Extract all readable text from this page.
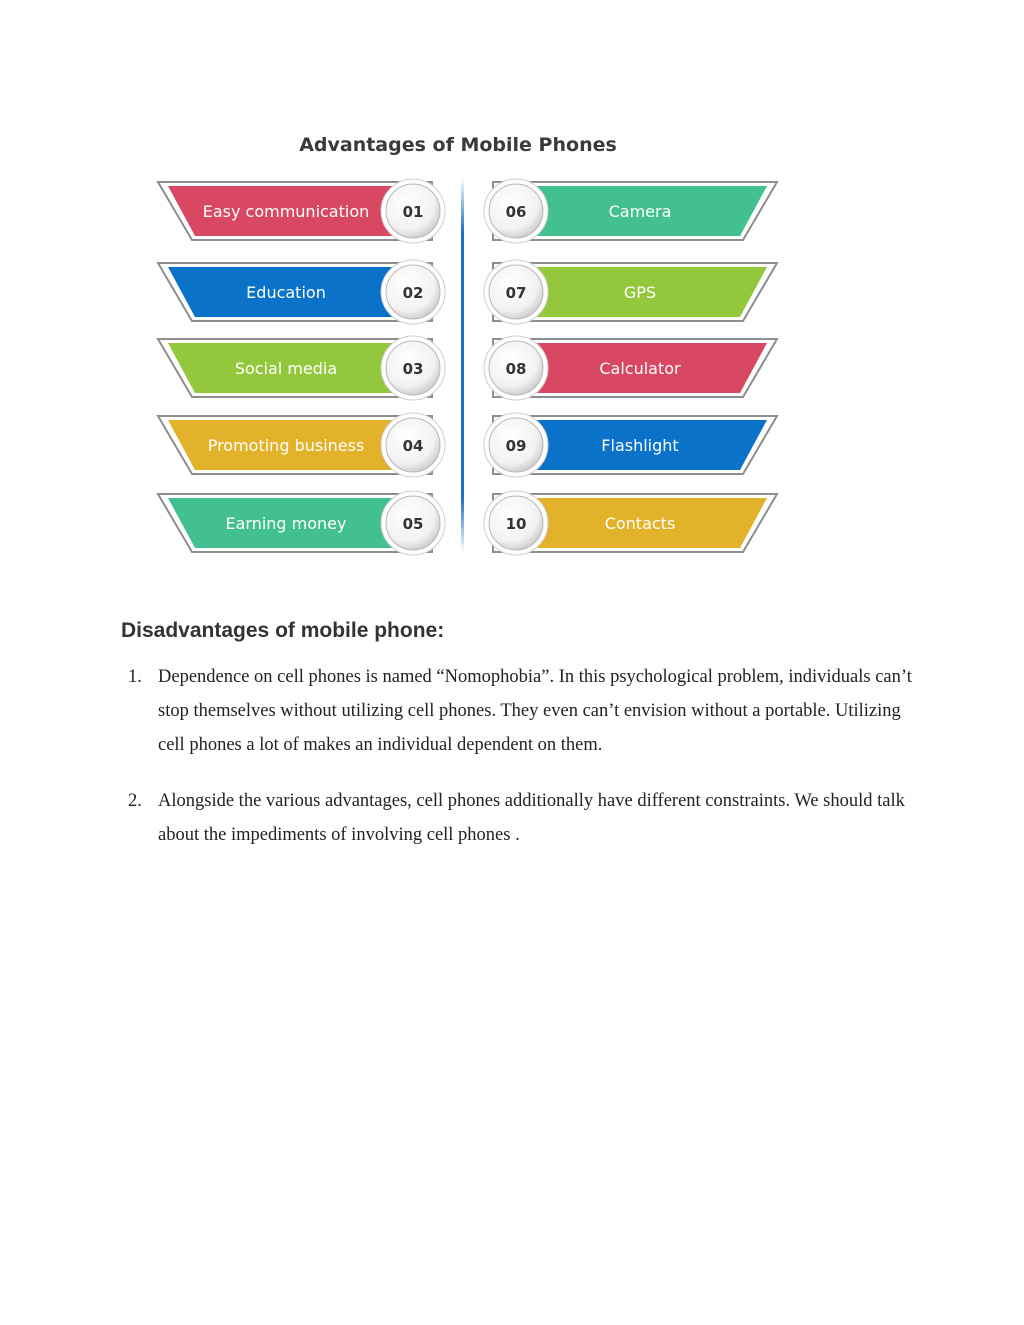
Advantages of Mobile Phones
Easy communication 01	Camera
06
Education	02	GPS
07
Social media	03	Calculator
08
Promoting business	04	Flashlight
09
Earning money	05	Contacts
10
Disadvantages of mobile phone:
1. Dependence on cell phones is named “Nomophobia”. In this psychological problem, individuals can’t stop themselves without utilizing cell phones. They even can’t envision without a portable. Utilizing cell phones a lot of makes an individual dependent on them.
2. Alongside the various advantages, cell phones additionally have different constraints. We should talk about the impediments of involving cell phones .
